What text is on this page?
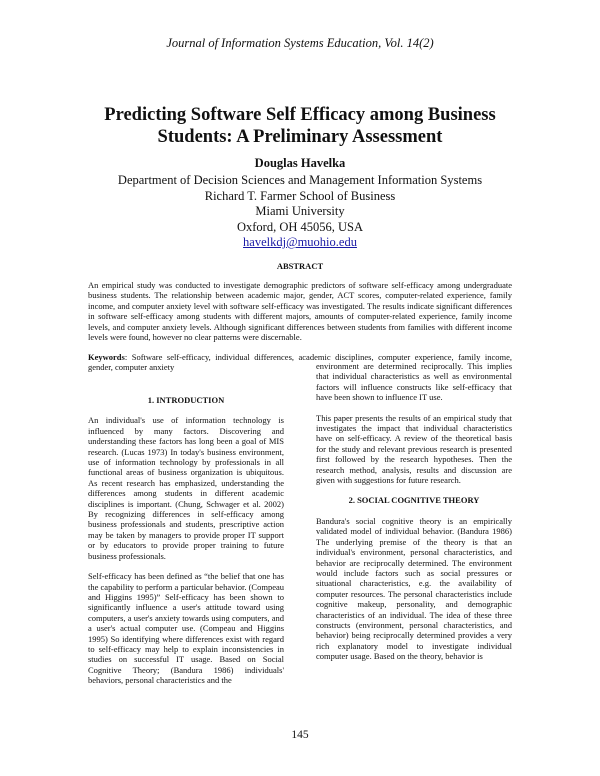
Journal of Information Systems Education, Vol. 14(2)
Predicting Software Self Efficacy among Business
Students: A Preliminary Assessment
Douglas Havelka
Department of Decision Sciences and Management Information Systems
Richard T. Farmer School of Business
Miami University
Oxford, OH 45056, USA
havelkdj@muohio.edu
ABSTRACT
An empirical study was conducted to investigate demographic predictors of software self-efficacy among undergraduate business students. The relationship between academic major, gender, ACT scores, computer-related experience, family income, and computer anxiety level with software self-efficacy was investigated. The results indicate significant differences in software self-efficacy among students with different majors, amounts of computer-related experience, family income levels, and computer anxiety levels. Although significant differences between students from families with different income levels were found, however no clear patterns were discernable.
Keywords: Software self-efficacy, individual differences, academic disciplines, computer experience, family income, gender, computer anxiety
1. INTRODUCTION
An individual's use of information technology is influenced by many factors. Discovering and understanding these factors has long been a goal of MIS research. (Lucas 1973) In today's business environment, use of information technology by professionals in all functional areas of business organization is ubiquitous. As recent research has emphasized, understanding the differences among students in different academic disciplines is important. (Chung, Schwager et al. 2002) By recognizing differences in self-efficacy among business professionals and students, prescriptive action may be taken by managers to provide proper IT support or by educators to provide proper training to future business professionals.
Self-efficacy has been defined as “the belief that one has the capability to perform a particular behavior. (Compeau and Higgins 1995)” Self-efficacy has been shown to significantly influence a user's attitude toward using computers, a user's anxiety towards using computers, and a user's actual computer use. (Compeau and Higgins 1995) So identifying where differences exist with regard to self-efficacy may help to explain inconsistencies in studies on successful IT usage. Based on Social Cognitive Theory; (Bandura 1986) individuals' behaviors, personal characteristics and the
environment are determined reciprocally. This implies that individual characteristics as well as environmental factors will influence constructs like self-efficacy that have been shown to influence IT use.
This paper presents the results of an empirical study that investigates the impact that individual characteristics have on self-efficacy. A review of the theoretical basis for the study and relevant previous research is presented first followed by the research hypotheses. Then the research method, analysis, results and discussion are given with suggestions for future research.
2. SOCIAL COGNITIVE THEORY
Bandura's social cognitive theory is an empirically validated model of individual behavior. (Bandura 1986) The underlying premise of the theory is that an individual's environment, personal characteristics, and behavior are reciprocally determined. The environment would include factors such as social pressures or situational characteristics, e.g. the availability of computer resources. The personal characteristics include cognitive makeup, personality, and demographic characteristics of an individual. The idea of these three constructs (environment, personal characteristics, and behavior) being reciprocally determined provides a very rich explanatory model to investigate individual computer usage. Based on the theory, behavior is
145
